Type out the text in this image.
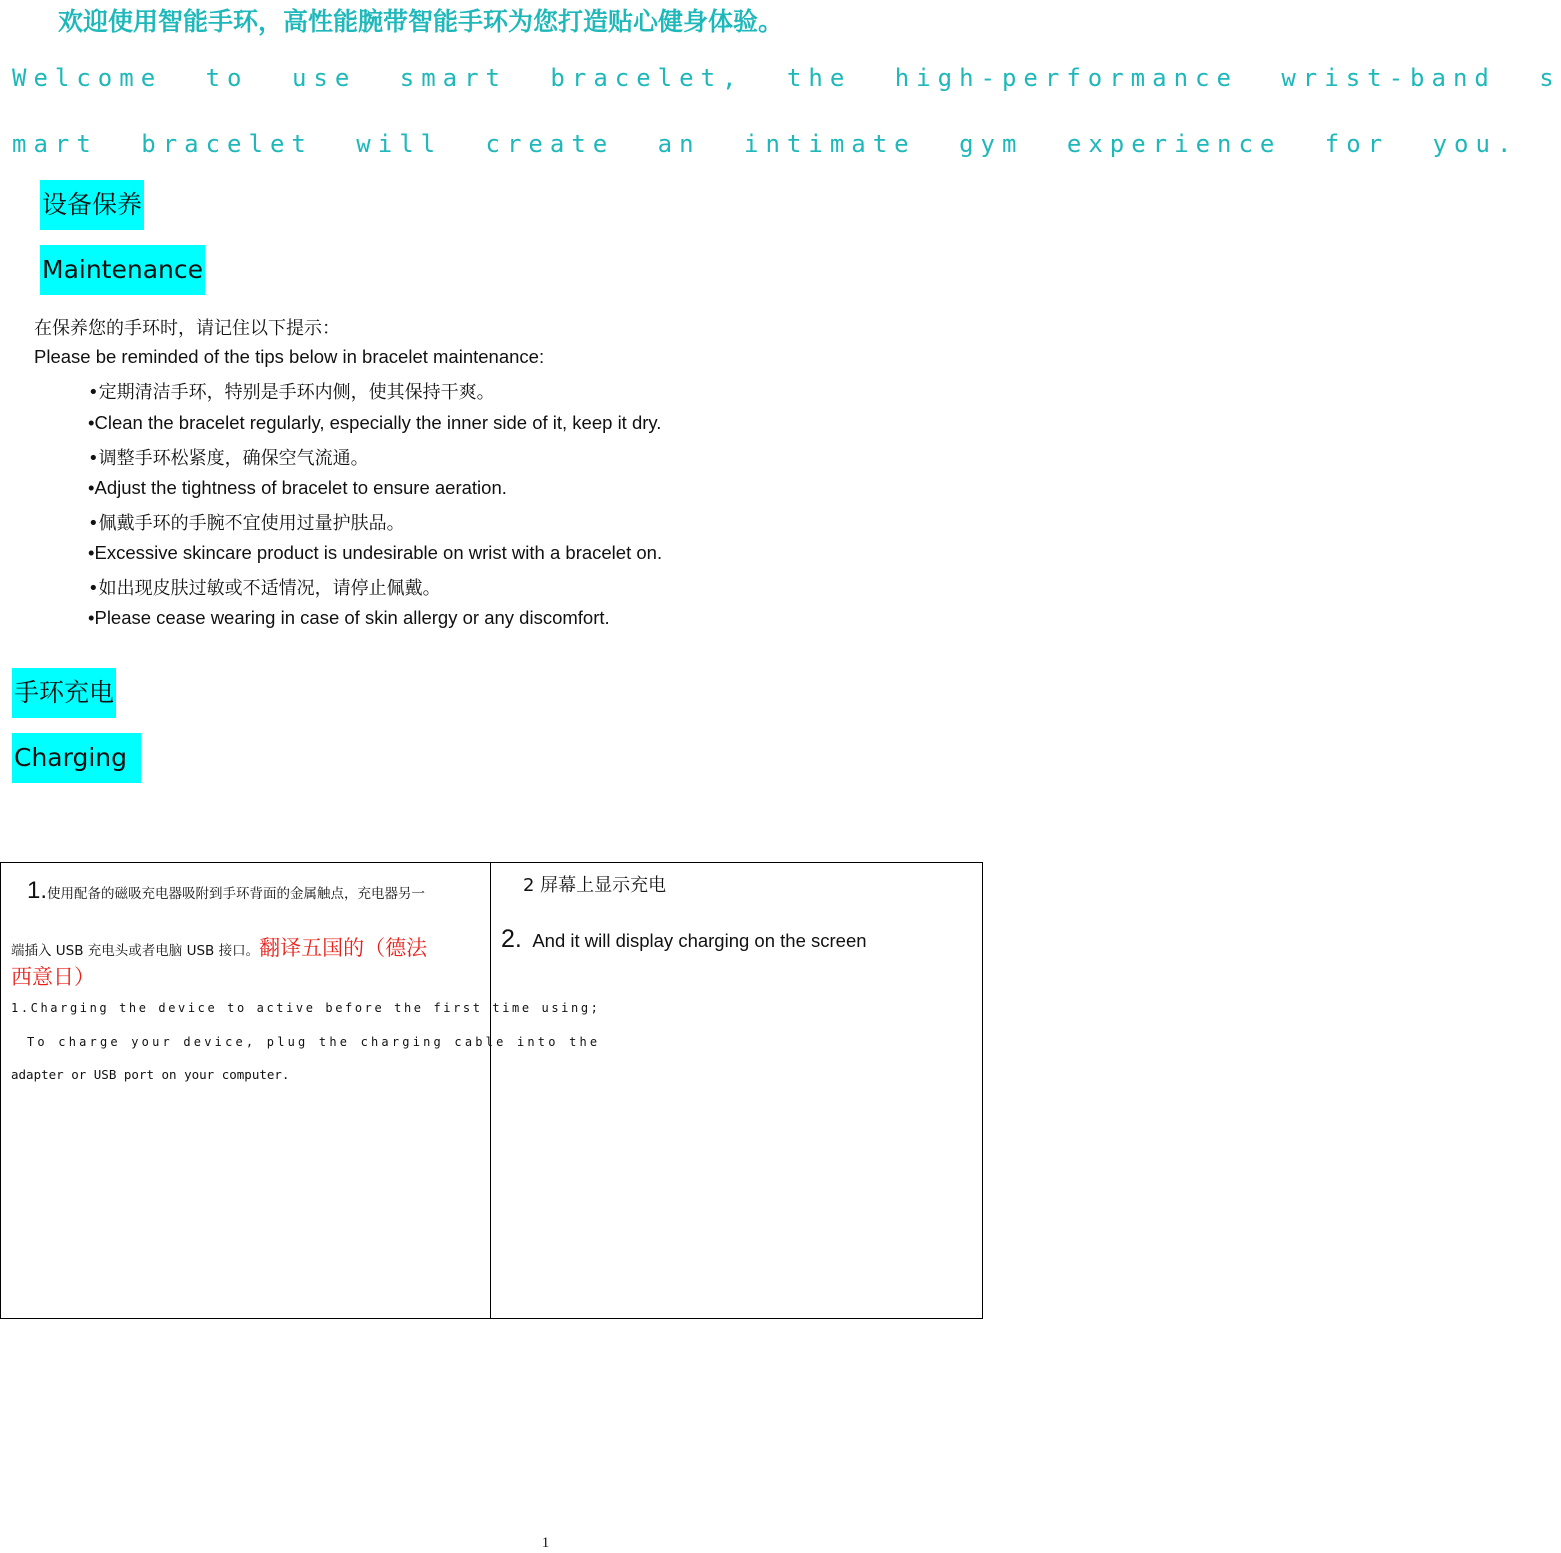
欢迎使用智能手环，高性能腕带智能手环为您打造贴心健身体验。
Welcome to use smart bracelet, the high-performance wrist-band s
mart bracelet will create an intimate gym experience for you.
设备保养
Maintenance
在保养您的手环时，请记住以下提示：
Please be reminded of the tips below in bracelet maintenance:
•定期清洁手环，特别是手环内侧，使其保持干爽。
•Clean the bracelet regularly, especially the inner side of it, keep it dry.
•调整手环松紧度，确保空气流通。
•Adjust the tightness of bracelet to ensure aeration.
•佩戴手环的手腕不宜使用过量护肤品。
•Excessive skincare product is undesirable on wrist with a bracelet on.
•如出现皮肤过敏或不适情况，请停止佩戴。
•Please cease wearing in case of skin allergy or any discomfort.
手环充电
Charging
1.使用配备的磁吸充电器吸附到手环背面的金属触点，充电器另一
端插入 USB 充电头或者电脑 USB 接口。翻译五国的（德法
西意日）
1.Charging the device to active before the first time using;
To charge your device, plug the charging cable into the
adapter or USB port on your computer.

2 屏幕上显示充电
2. And it will display charging on the screen
1
